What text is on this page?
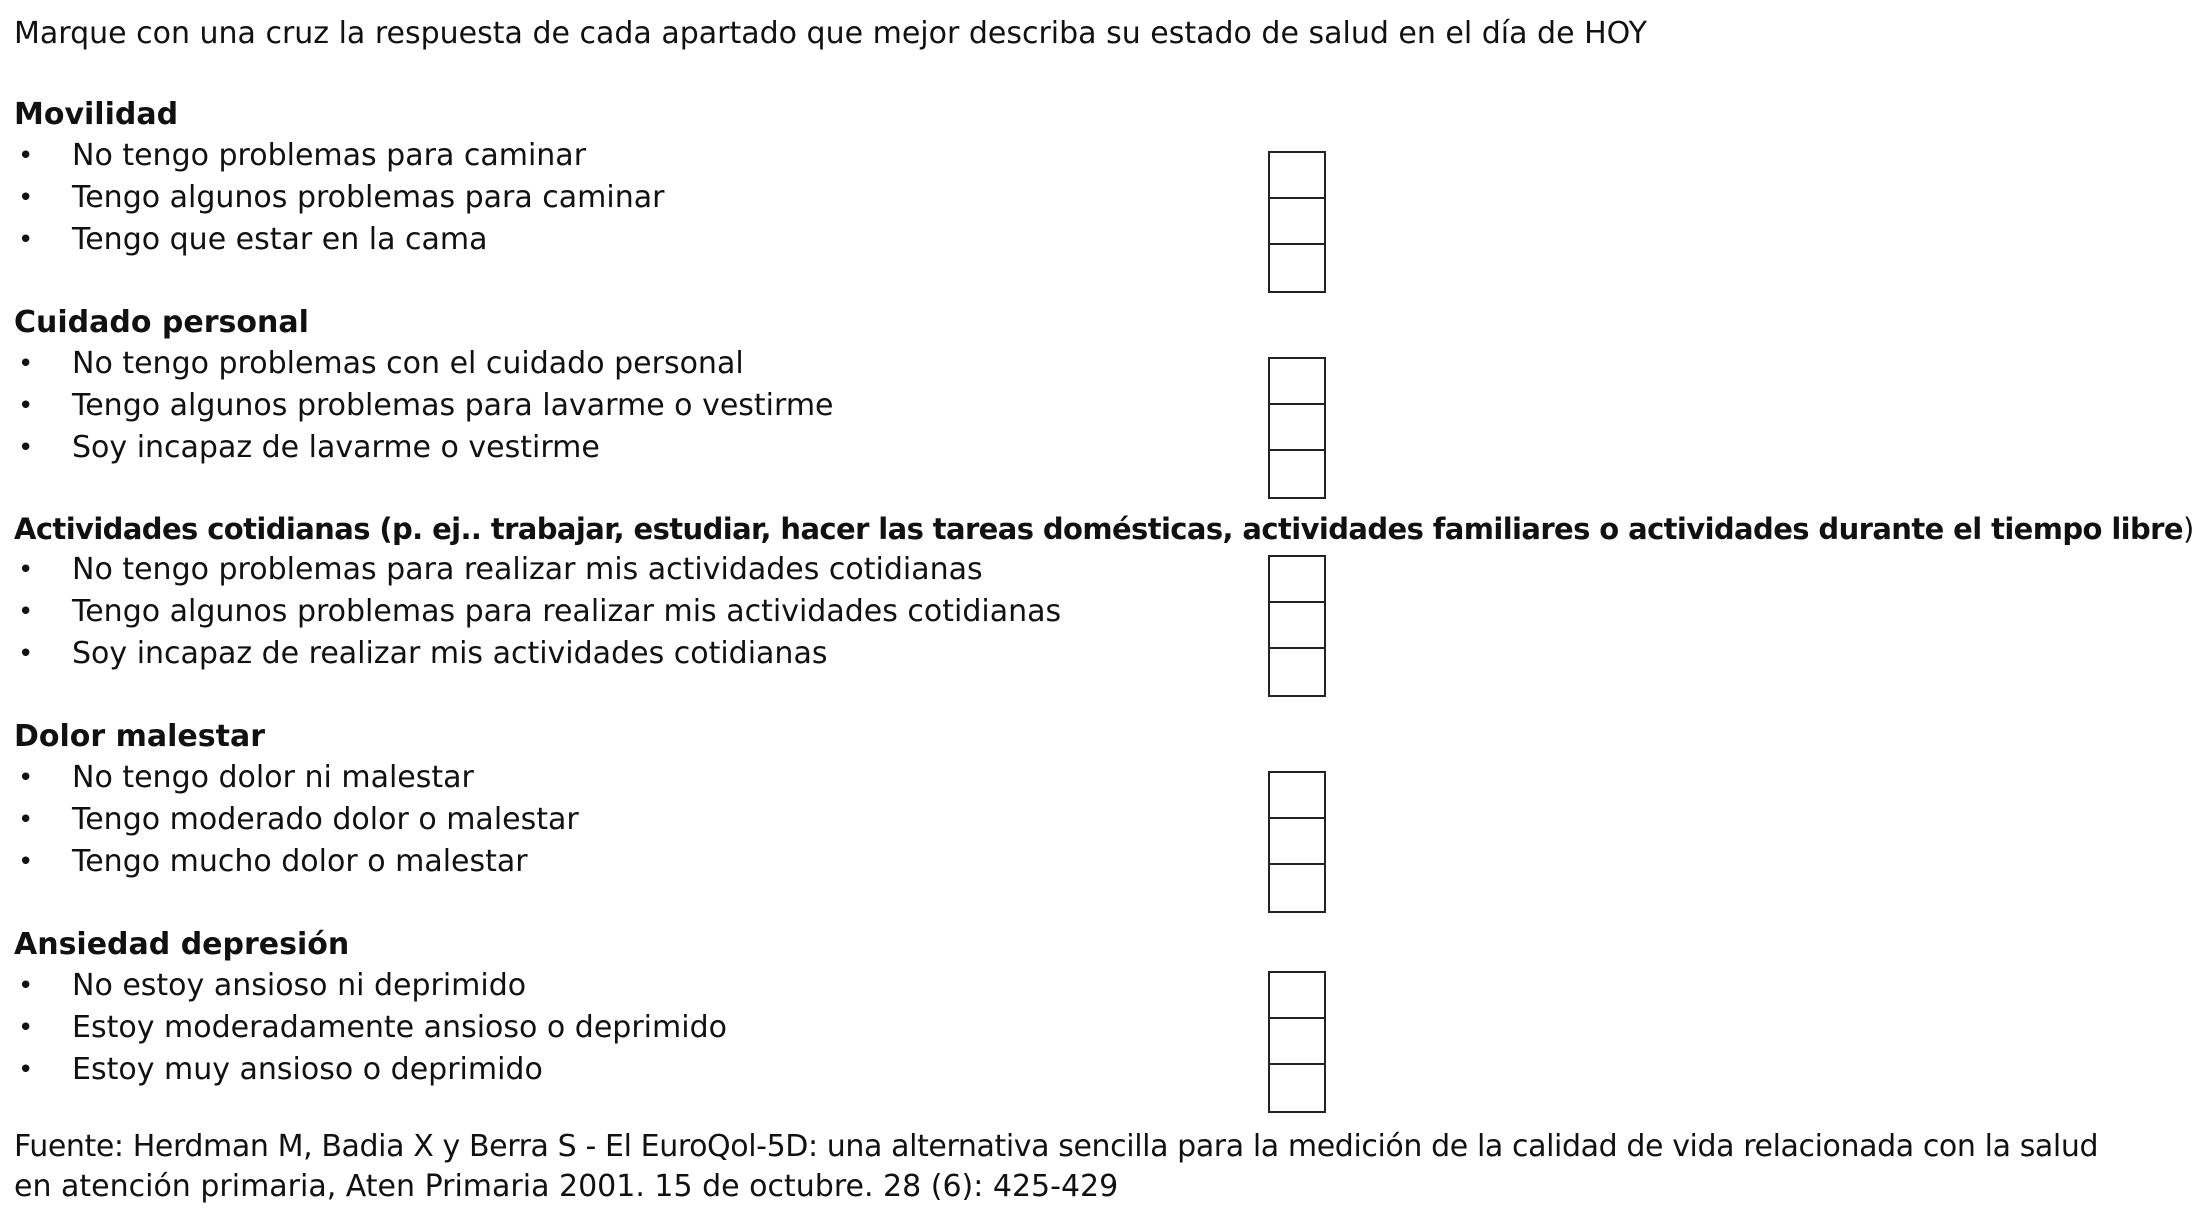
Marque con una cruz la respuesta de cada apartado que mejor describa su estado de salud en el día de HOY

Movilidad

• No tengo problemas para caminar
• Tengo algunos problemas para caminar
• Tengo que estar en la cama

Cuidado personal

• No tengo problemas con el cuidado personal
• Tengo algunos problemas para lavarme o vestirme
• Soy incapaz de lavarme o vestirme

Actividades cotidianas (p. ej.. trabajar, estudiar, hacer las tareas domésticas, actividades familiares o actividades durante el tiempo libre)

• No tengo problemas para realizar mis actividades cotidianas
• Tengo algunos problemas para realizar mis actividades cotidianas
• Soy incapaz de realizar mis actividades cotidianas

Dolor malestar

• No tengo dolor ni malestar
• Tengo moderado dolor o malestar
• Tengo mucho dolor o malestar

Ansiedad depresión

• No estoy ansioso ni deprimido
• Estoy moderadamente ansioso o deprimido
• Estoy muy ansioso o deprimido

Fuente: Herdman M, Badia X y Berra S - El EuroQol-5D: una alternativa sencilla para la medición de la calidad de vida relacionada con la salud

en atención primaria, Aten Primaria 2001. 15 de octubre. 28 (6): 425-429
